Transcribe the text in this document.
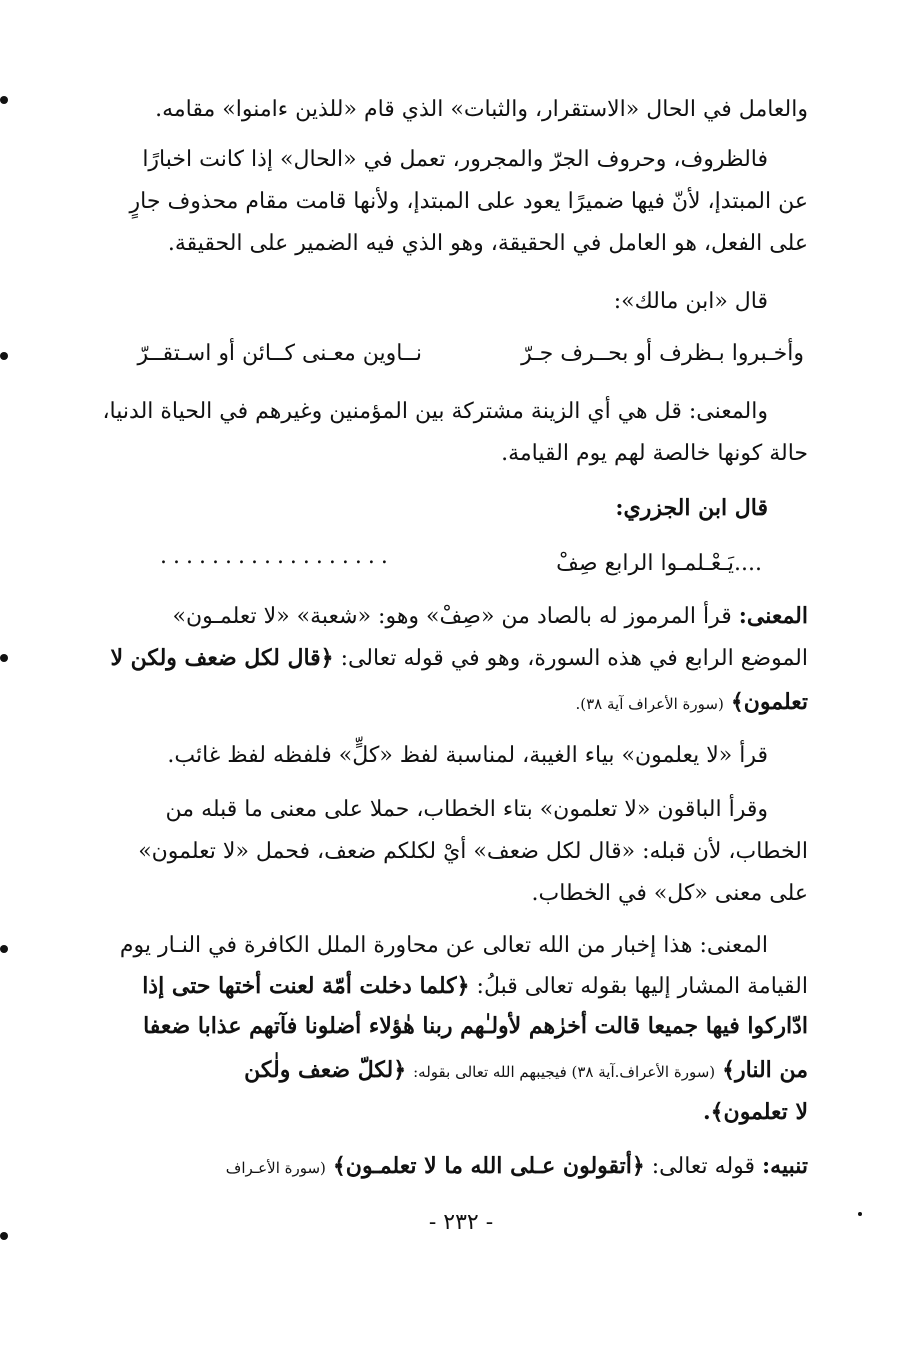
والعامل في الحال «الاستقرار، والثبات» الذي قام «للذين ءامنوا» مقامه.
فالظروف، وحروف الجرّ والمجرور، تعمل في «الحال» إذا كانت اخبارًا
عن المبتدإ، لأنّ فيها ضميرًا يعود على المبتدإ، ولأنها قامت مقام محذوف جارٍ
على الفعل، هو العامل في الحقيقة، وهو الذي فيه الضمير على الحقيقة.
قال «ابن مالك»:
وأخـبروا بـظرف أو بحــرف جـرّ
نــاوين معـنى كــائن أو اسـتقــرّ
والمعنى: قل هي أي الزينة مشتركة بين المؤمنين وغيرهم في الحياة الدنيا،
حالة كونها خالصة لهم يوم القيامة.
قال ابن الجزري:
....يَـعْـلمـوا الرابع صِفْ
..................
المعنى: قرأ المرموز له بالصاد من «صِفْ» وهو: «شعبة» «لا تعلمـون»
الموضع الرابع في هذه السورة، وهو في قوله تعالى: ﴿قال لكل ضعف ولكن لا
تعلمون﴾ (سورة الأعراف آية ٣٨).
قرأ «لا يعلمون» بياء الغيبة، لمناسبة لفظ «كلٍّ» فلفظه لفظ غائب.
وقرأ الباقون «لا تعلمون» بتاء الخطاب، حملا على معنى ما قبله من
الخطاب، لأن قبله: «قال لكل ضعف» أيْ لكلكم ضعف، فحمل «لا تعلمون»
على معنى «كل» في الخطاب.
المعنى: هذا إخبار من الله تعالى عن محاورة الملل الكافرة في النـار يوم
القيامة المشار إليها بقوله تعالى قبلُ: ﴿كلما دخلت أمّة لعنت أختها حتى إذا
ادّاركوا فيها جميعا قالت أخرٰهم لأولـٰهم ربنا هٰؤلاء أضلونا فآتهم عذابا ضعفا
من النار﴾ (سورة الأعراف.آية ٣٨) فيجيبهم الله تعالى بقوله: ﴿لكلّ ضعف ولٰكن
لا تعلمون﴾.
تنبيه: قوله تعالى: ﴿أتقولون عـلى الله ما لا تعلمـون﴾ (سورة الأعـراف
- ٢٣٢ -
